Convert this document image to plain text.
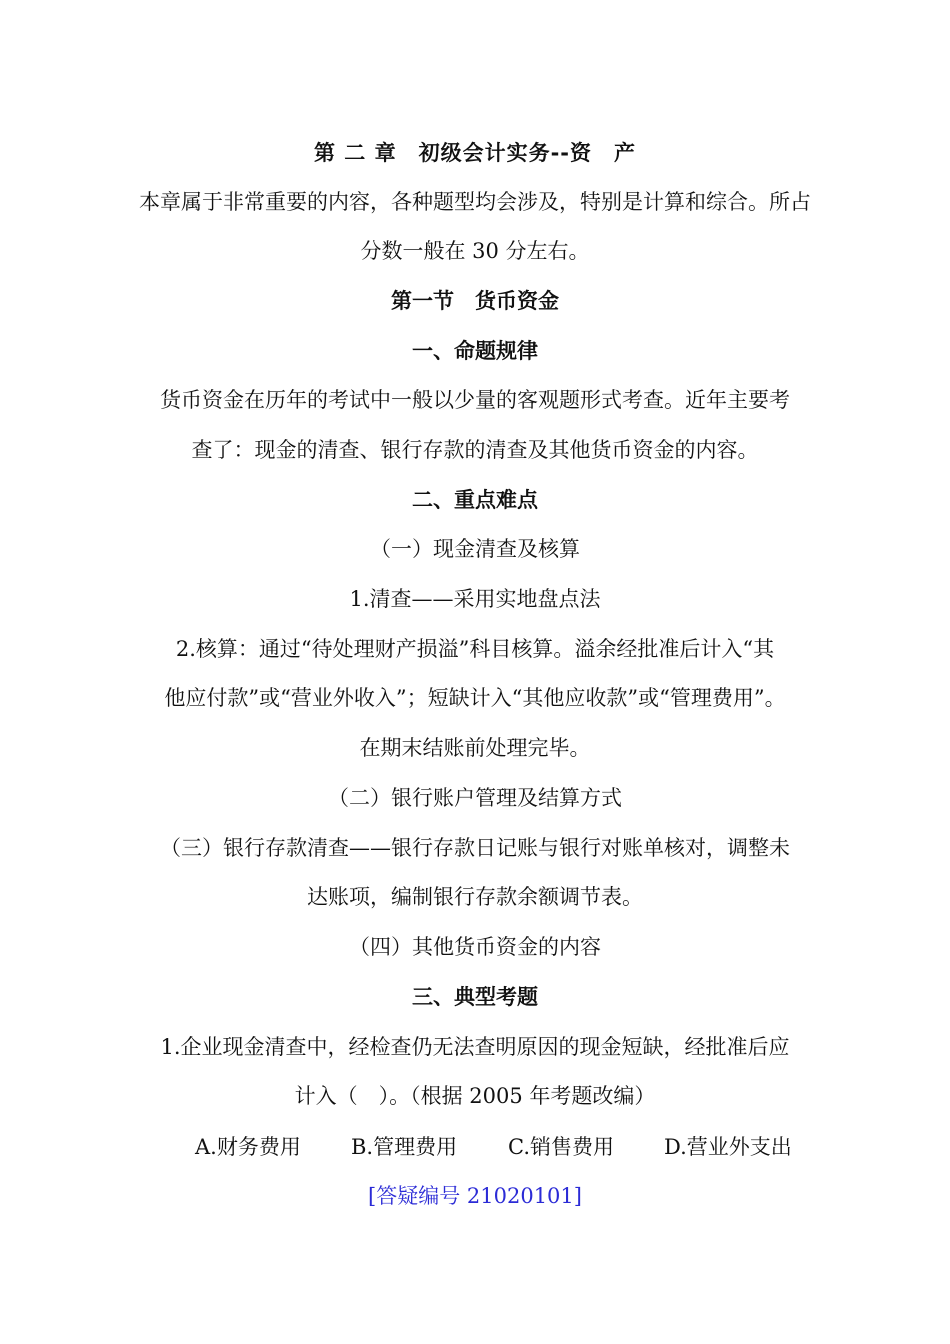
第 二 章　初级会计实务--资　产
本章属于非常重要的内容，各种题型均会涉及，特别是计算和综合。所占
分数一般在 30 分左右。
第一节　货币资金
一、命题规律
货币资金在历年的考试中一般以少量的客观题形式考查。近年主要考
查了：现金的清查、银行存款的清查及其他货币资金的内容。
二、重点难点
（一）现金清查及核算
1.清查——采用实地盘点法
2.核算：通过“待处理财产损溢”科目核算。溢余经批准后计入“其
他应付款”或“营业外收入”；短缺计入“其他应收款”或“管理费用”。
在期末结账前处理完毕。
（二）银行账户管理及结算方式
（三）银行存款清查——银行存款日记账与银行对账单核对，调整未
达账项，编制银行存款余额调节表。
（四）其他货币资金的内容
三、典型考题
1.企业现金清查中，经检查仍无法查明原因的现金短缺，经批准后应
计入（　）。（根据 2005 年考题改编）
A.财务费用 B.管理费用 C.销售费用 D.营业外支出
[答疑编号 21020101]
